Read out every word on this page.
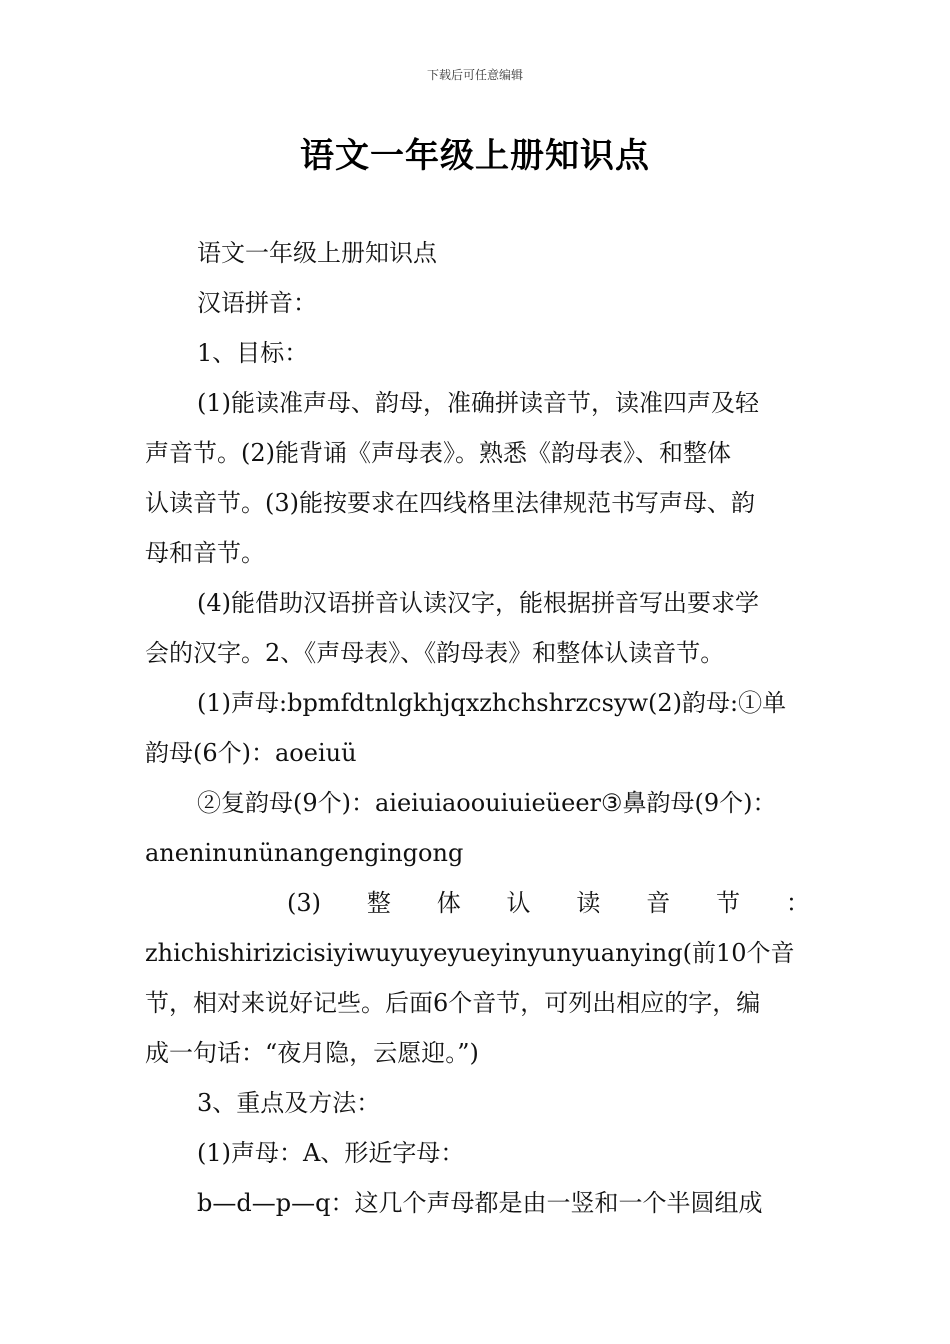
下载后可任意编辑
语文一年级上册知识点
语文一年级上册知识点
汉语拼音：
1、目标：
(1)能读准声母、韵母，准确拼读音节，读准四声及轻
声音节。(2)能背诵《声母表》。熟悉《韵母表》、和整体
认读音节。(3)能按要求在四线格里法律规范书写声母、韵
母和音节。
(4)能借助汉语拼音认读汉字，能根据拼音写出要求学
会的汉字。2、《声母表》、《韵母表》和整体认读音节。
(1)声母:bpmfdtnlgkhjqxzhchshrzcsyw(2)韵母:①单
韵母(6个)：aoeiuü
②复韵母(9个)：aieiuiaoouiuieüeer③鼻韵母(9个)：
aneninunünangengingong
(3) 整 体 认 读 音 节 ：
zhichishirizicisiyiwuyuyeyueyinyunyuanying(前10个音
节，相对来说好记些。后面6个音节，可列出相应的字，编
成一句话：“夜月隐，云愿迎。”)
3、重点及方法：
(1)声母：A、形近字母：
b—d—p—q：这几个声母都是由一竖和一个半圆组成
